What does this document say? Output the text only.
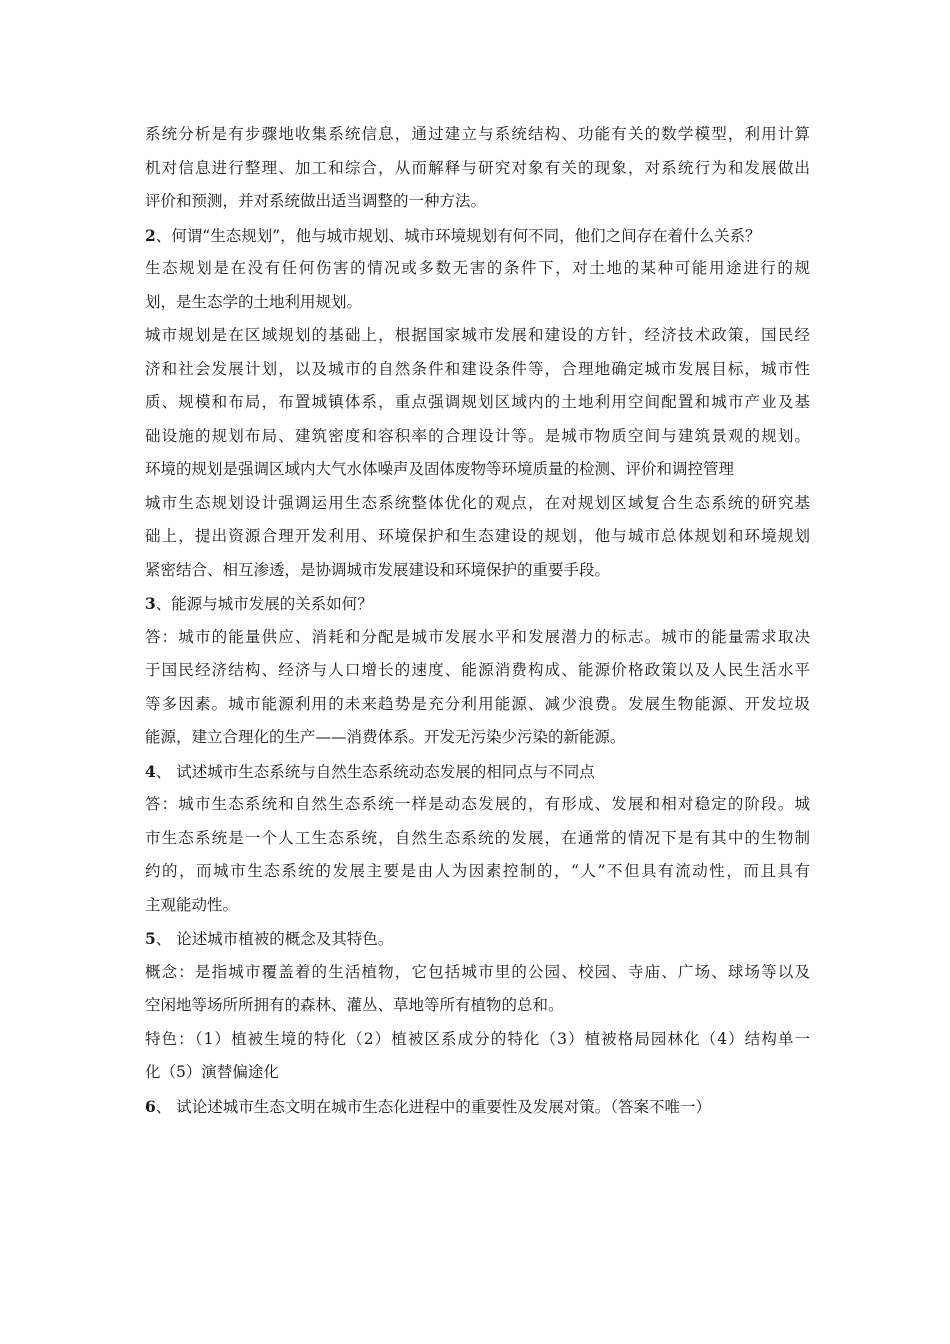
系统分析是有步骤地收集系统信息，通过建立与系统结构、功能有关的数学模型，利用计算
机对信息进行整理、加工和综合，从而解释与研究对象有关的现象，对系统行为和发展做出
评价和预测，并对系统做出适当调整的一种方法。
2、何谓“生态规划”，他与城市规划、城市环境规划有何不同，他们之间存在着什么关系？
生态规划是在没有任何伤害的情况或多数无害的条件下，对土地的某种可能用途进行的规
划，是生态学的土地利用规划。
城市规划是在区域规划的基础上，根据国家城市发展和建设的方针，经济技术政策，国民经
济和社会发展计划，以及城市的自然条件和建设条件等，合理地确定城市发展目标，城市性
质、规模和布局，布置城镇体系，重点强调规划区域内的土地利用空间配置和城市产业及基
础设施的规划布局、建筑密度和容积率的合理设计等。是城市物质空间与建筑景观的规划。
环境的规划是强调区域内大气水体噪声及固体废物等环境质量的检测、评价和调控管理
城市生态规划设计强调运用生态系统整体优化的观点，在对规划区域复合生态系统的研究基
础上，提出资源合理开发利用、环境保护和生态建设的规划，他与城市总体规划和环境规划
紧密结合、相互渗透，是协调城市发展建设和环境保护的重要手段。
3、能源与城市发展的关系如何？
答：城市的能量供应、消耗和分配是城市发展水平和发展潜力的标志。城市的能量需求取决
于国民经济结构、经济与人口增长的速度、能源消费构成、能源价格政策以及人民生活水平
等多因素。城市能源利用的未来趋势是充分利用能源、减少浪费。发展生物能源、开发垃圾
能源，建立合理化的生产——消费体系。开发无污染少污染的新能源。
4、 试述城市生态系统与自然生态系统动态发展的相同点与不同点
答：城市生态系统和自然生态系统一样是动态发展的，有形成、发展和相对稳定的阶段。城
市生态系统是一个人工生态系统，自然生态系统的发展，在通常的情况下是有其中的生物制
约的，而城市生态系统的发展主要是由人为因素控制的，“人”不但具有流动性，而且具有
主观能动性。
5、 论述城市植被的概念及其特色。
概念：是指城市覆盖着的生活植物，它包括城市里的公园、校园、寺庙、广场、球场等以及
空闲地等场所所拥有的森林、灌丛、草地等所有植物的总和。
特色：（1）植被生境的特化（2）植被区系成分的特化（3）植被格局园林化（4）结构单一
化（5）演替偏途化
6、 试论述城市生态文明在城市生态化进程中的重要性及发展对策。（答案不唯一）
